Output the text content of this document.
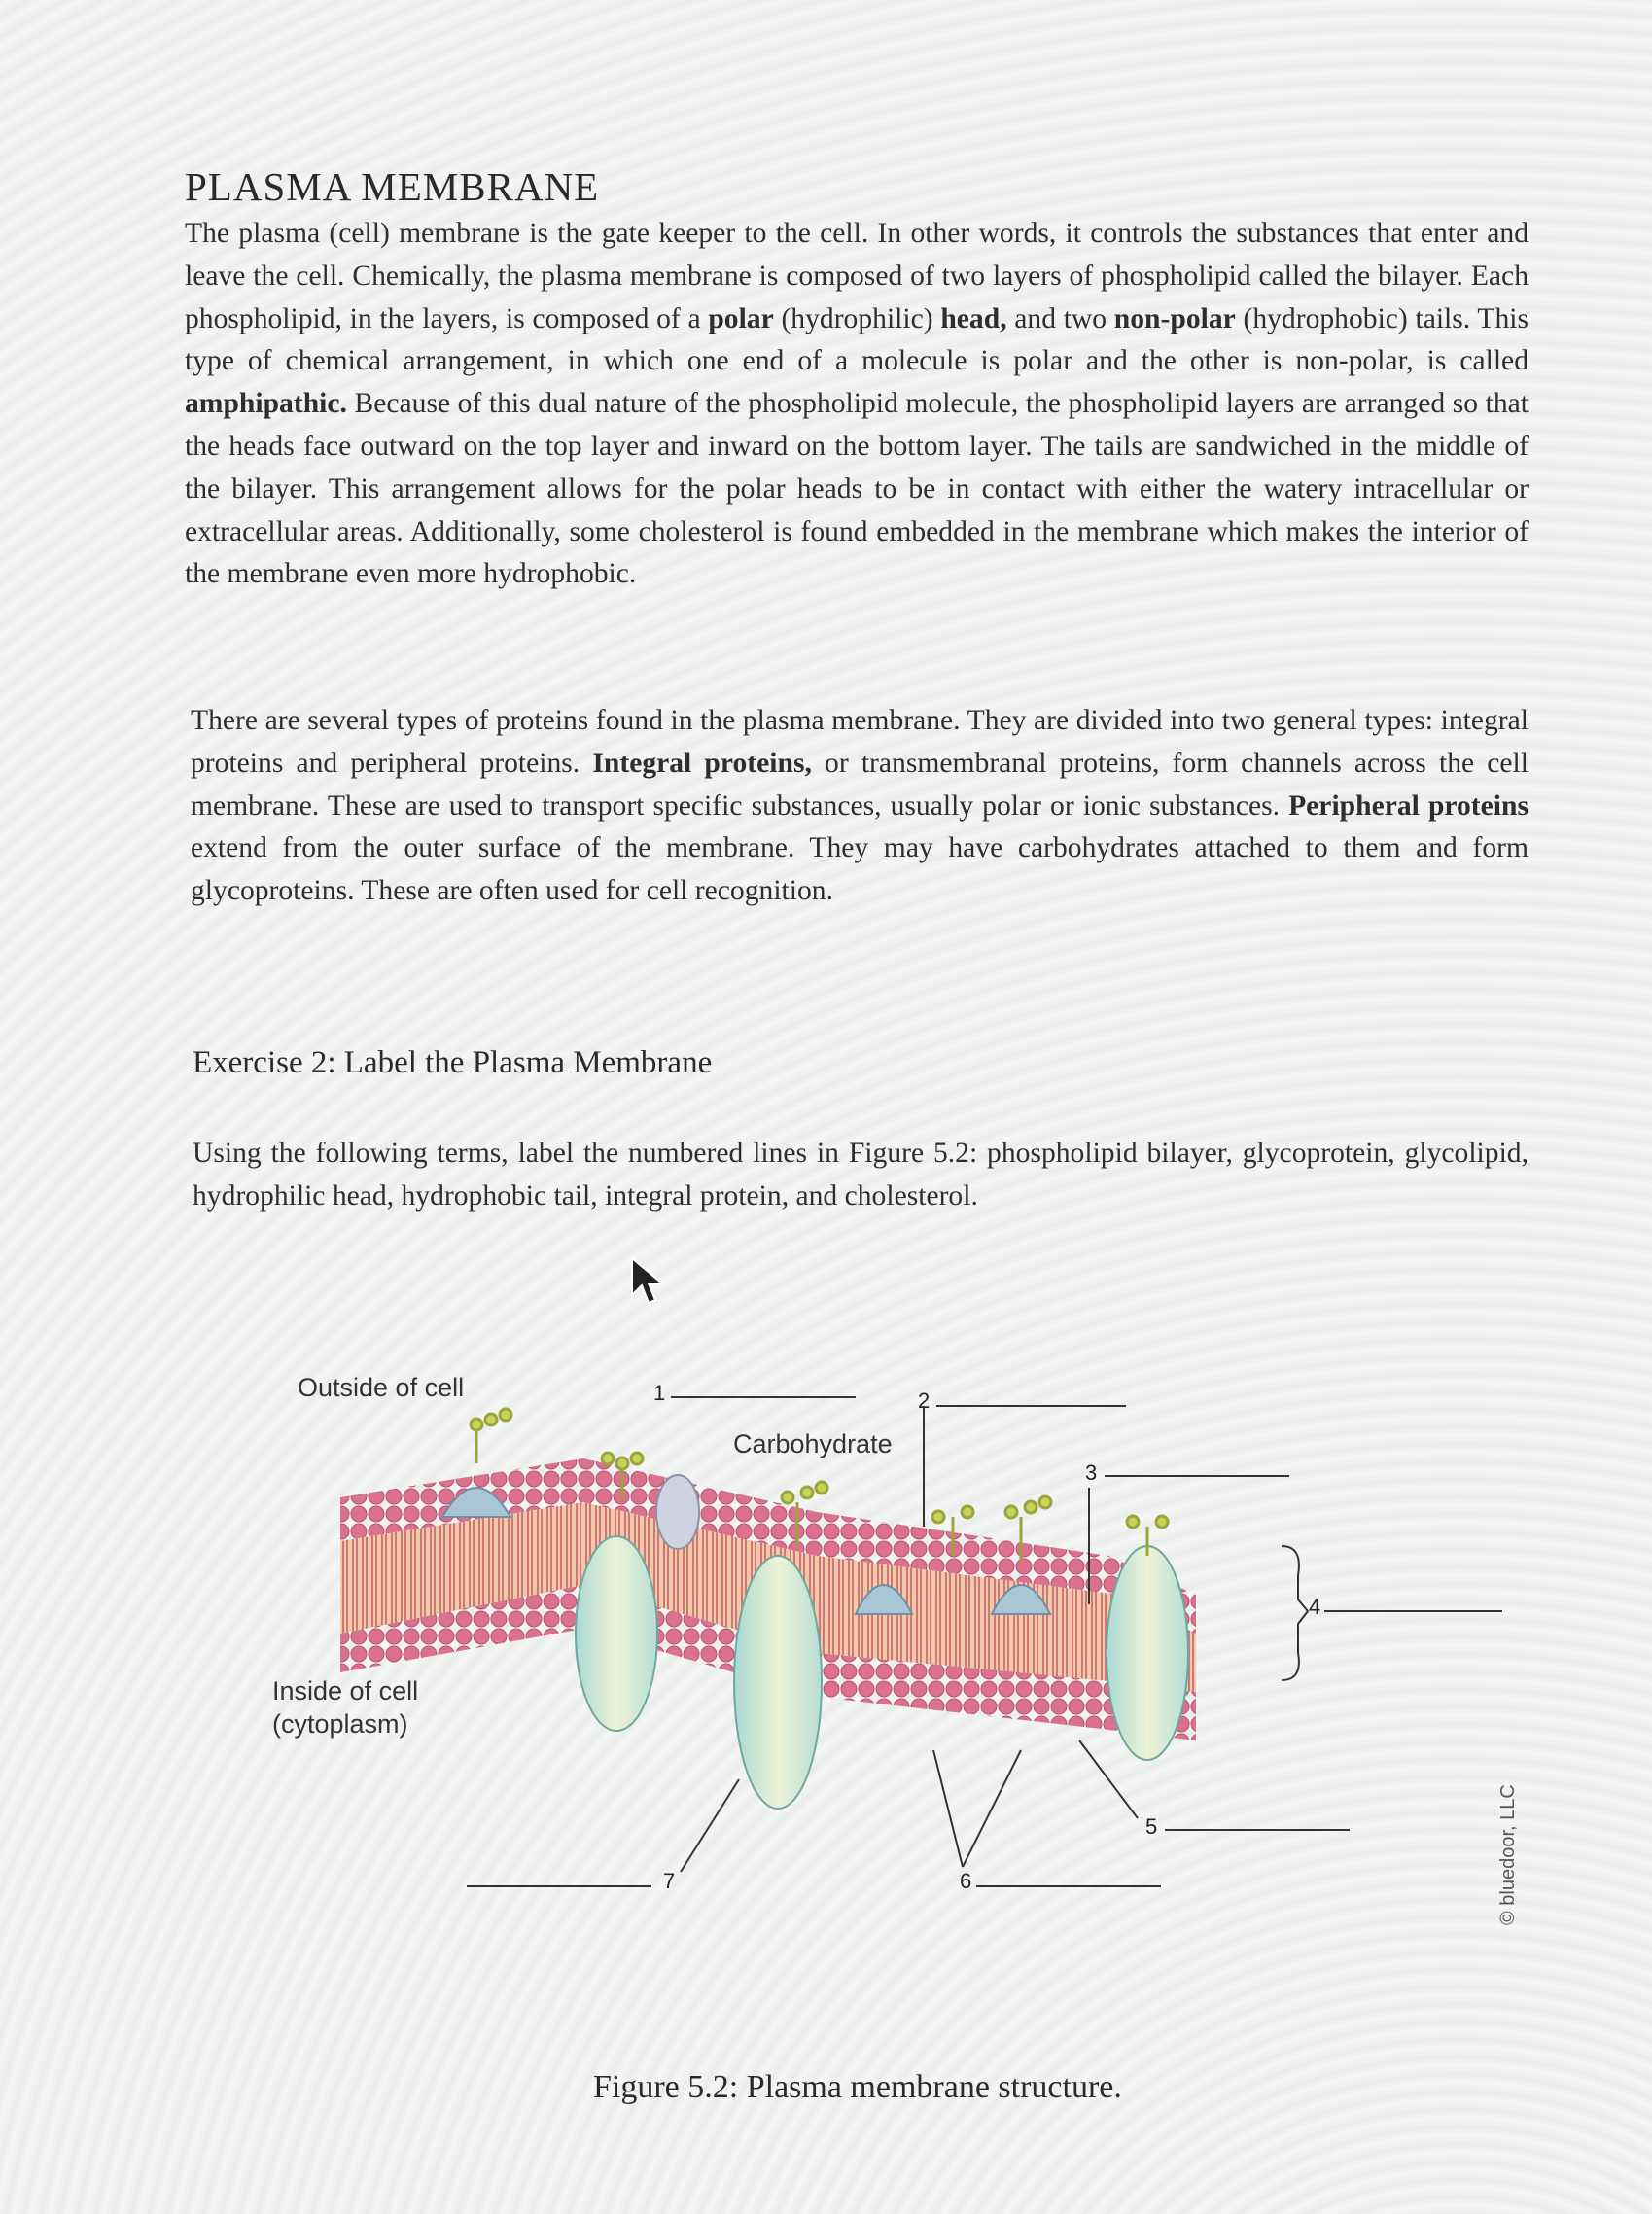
PLASMA MEMBRANE
The plasma (cell) membrane is the gate keeper to the cell. In other words, it controls the substances that enter and leave the cell. Chemically, the plasma membrane is composed of two layers of phospholipid called the bilayer. Each phospholipid, in the layers, is composed of a polar (hydrophilic) head, and two non-polar (hydrophobic) tails. This type of chemical arrangement, in which one end of a molecule is polar and the other is non-polar, is called amphipathic. Because of this dual nature of the phospholipid molecule, the phospholipid layers are arranged so that the heads face outward on the top layer and inward on the bottom layer. The tails are sandwiched in the middle of the bilayer. This arrangement allows for the polar heads to be in contact with either the watery intracellular or extracellular areas. Additionally, some cholesterol is found embedded in the membrane which makes the interior of the membrane even more hydrophobic.
There are several types of proteins found in the plasma membrane. They are divided into two general types: integral proteins and peripheral proteins. Integral proteins, or transmembranal proteins, form channels across the cell membrane. These are used to transport specific substances, usually polar or ionic substances. Peripheral proteins extend from the outer surface of the membrane. They may have carbohydrates attached to them and form glycoproteins. These are often used for cell recognition.
Exercise 2: Label the Plasma Membrane
Using the following terms, label the numbered lines in Figure 5.2: phospholipid bilayer, glycoprotein, glycolipid, hydrophilic head, hydrophobic tail, integral protein, and cholesterol.
Outside of cell
Inside of cell
(cytoplasm)
Carbohydrate
1	2
3
4
5
6
7
Figure 5.2: Plasma membrane structure.
© bluedoor, LLC
